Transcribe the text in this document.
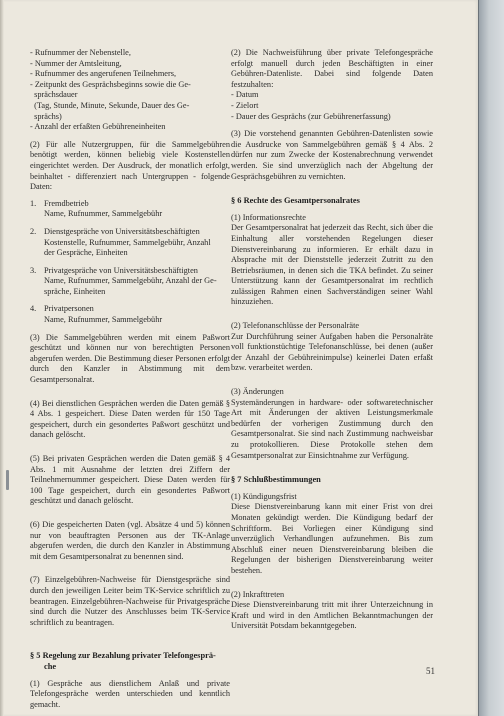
- Rufnummer der Nebenstelle,
- Nummer der Amtsleitung,
- Rufnummer des angerufenen Teilnehmers,
- Zeitpunkt des Gesprächsbeginns sowie die Ge-
sprächsdauer
(Tag, Stunde, Minute, Sekunde, Dauer des Ge-
sprächs)
- Anzahl der erfaßten Gebühreneinheiten

(2) Für alle Nutzergruppen, für die Sammelgebühren benötigt werden, können beliebig viele Kostenstellen eingerichtet werden. Der Ausdruck, der monatlich erfolgt, beinhaltet - differenziert nach Untergruppen - folgende Daten:

1. Fremdbetrieb
Name, Rufnummer, Sammelgebühr
2. Dienstgespräche von Universitätsbeschäftigten
Kostenstelle, Rufnummer, Sammelgebühr, Anzahl
der Gespräche, Einheiten
3. Privatgespräche von Universitätsbeschäftigten
Name, Rufnummer, Sammelgebühr, Anzahl der Ge-
spräche, Einheiten
4. Privatpersonen
Name, Rufnummer, Sammelgebühr

(3) Die Sammelgebühren werden mit einem Paßwort geschützt und können nur von berechtigten Personen abgerufen werden. Die Bestimmung dieser Personen erfolgt durch den Kanzler in Abstimmung mit dem Gesamtpersonalrat.

(4) Bei dienstlichen Gesprächen werden die Daten gemäß § 4 Abs. 1 gespeichert. Diese Daten werden für 150 Tage gespeichert, durch ein gesondertes Paßwort geschützt und danach gelöscht.

(5) Bei privaten Gesprächen werden die Daten gemäß § 4 Abs. 1 mit Ausnahme der letzten drei Ziffern der Teilnehmernummer gespeichert. Diese Daten werden für 100 Tage gespeichert, durch ein gesondertes Paßwort geschützt und danach gelöscht.

(6) Die gespeicherten Daten (vgl. Absätze 4 und 5) können nur von beauftragten Personen aus der TK-Anlage abgerufen werden, die durch den Kanzler in Abstimmung mit dem Gesamtpersonalrat zu benennen sind.

(7) Einzelgebühren-Nachweise für Dienstgespräche sind durch den jeweiligen Leiter beim TK-Service schriftlich zu beantragen. Einzelgebühren-Nachweise für Privatgespräche sind durch die Nutzer des Anschlusses beim TK-Service schriftlich zu beantragen.

§ 5 Regelung zur Bezahlung privater Telefongesprä-
che

(1) Gespräche aus dienstlichem Anlaß und private Telefongespräche werden unterschieden und kenntlich gemacht.

(2) Die Nachweisführung über private Telefongespräche erfolgt manuell durch jeden Beschäftigten in einer Gebühren-Datenliste. Dabei sind folgende Daten festzuhalten:

- Datum
- Zielort
- Dauer des Gesprächs (zur Gebührenerfassung)

(3) Die vorstehend genannten Gebühren-Datenlisten sowie die Ausdrucke von Sammelgebühren gemäß § 4 Abs. 2 dürfen nur zum Zwecke der Kostenabrechnung verwendet werden. Sie sind unverzüglich nach der Abgeltung der Gesprächsgebühren zu vernichten.

§ 6 Rechte des Gesamtpersonalrates

(1) Informationsrechte

Der Gesamtpersonalrat hat jederzeit das Recht, sich über die Einhaltung aller vorstehenden Regelungen dieser Dienstvereinbarung zu informieren. Er erhält dazu in Absprache mit der Dienststelle jederzeit Zutritt zu den Betriebsräumen, in denen sich die TKA befindet. Zu seiner Unterstützung kann der Gesamtpersonalrat im rechtlich zulässigen Rahmen einen Sachverständigen seiner Wahl hinzuziehen.

(2) Telefonanschlüsse der Personalräte

Zur Durchführung seiner Aufgaben haben die Personalräte voll funktionstüchtige Telefonanschlüsse, bei denen (außer der Anzahl der Gebühreinimpulse) keinerlei Daten erfaßt bzw. verarbeitet werden.

(3) Änderungen

Systemänderungen in hardware- oder softwaretechnischer Art mit Änderungen der aktiven Leistungsmerkmale bedürfen der vorherigen Zustimmung durch den Gesamtpersonalrat. Sie sind nach Zustimmung nachweisbar zu protokollieren. Diese Protokolle stehen dem Gesamtpersonalrat zur Einsichtnahme zur Verfügung.

§ 7 Schlußbestimmungen

(1) Kündigungsfrist

Diese Dienstvereinbarung kann mit einer Frist von drei Monaten gekündigt werden. Die Kündigung bedarf der Schriftform. Bei Vorliegen einer Kündigung sind unverzüglich Verhandlungen aufzunehmen. Bis zum Abschluß einer neuen Dienstvereinbarung bleiben die Regelungen der bisherigen Dienstvereinbarung weiter bestehen.

(2) Inkrafttreten

Diese Dienstvereinbarung tritt mit ihrer Unterzeichnung in Kraft und wird in den Amtlichen Bekanntmachungen der Universität Potsdam bekanntgegeben.

51
